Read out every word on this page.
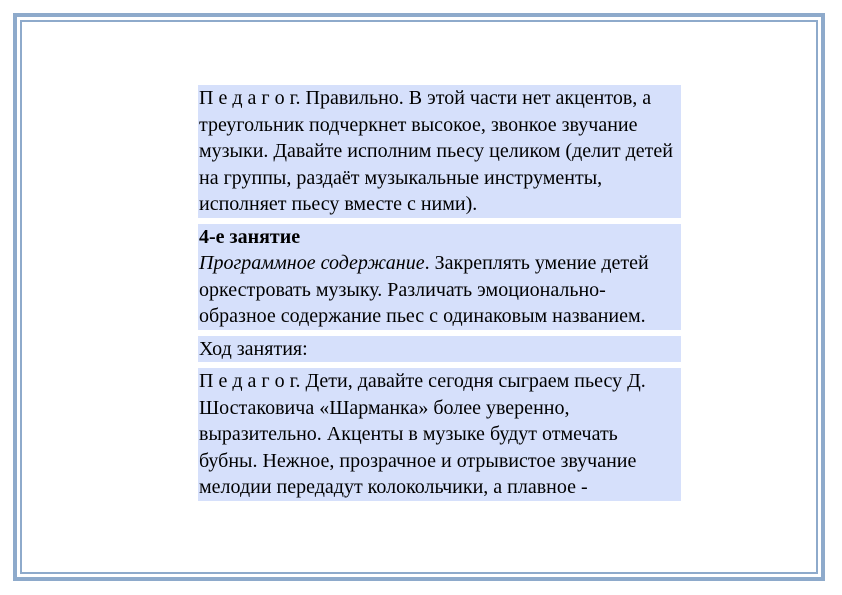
П е д а г о г. Правильно. В этой части нет акцентов, а треугольник подчеркнет высокое, звонкое звучание музыки. Давайте исполним пьесу целиком (делит детей на группы, раздаёт музыкальные инструменты, исполняет пьесу вместе с ними).

4-е занятие
Программное содержание. Закреплять умение детей оркестровать музыку. Различать эмоционально-образное содержание пьес с одинаковым названием.

Ход занятия:

П е д а г о г. Дети, давайте сегодня сыграем пьесу Д. Шостаковича «Шарманка» более уверенно, выразительно. Акценты в музыке будут отмечать бубны. Нежное, прозрачное и отрывистое звучание мелодии передадут колокольчики, а плавное -
